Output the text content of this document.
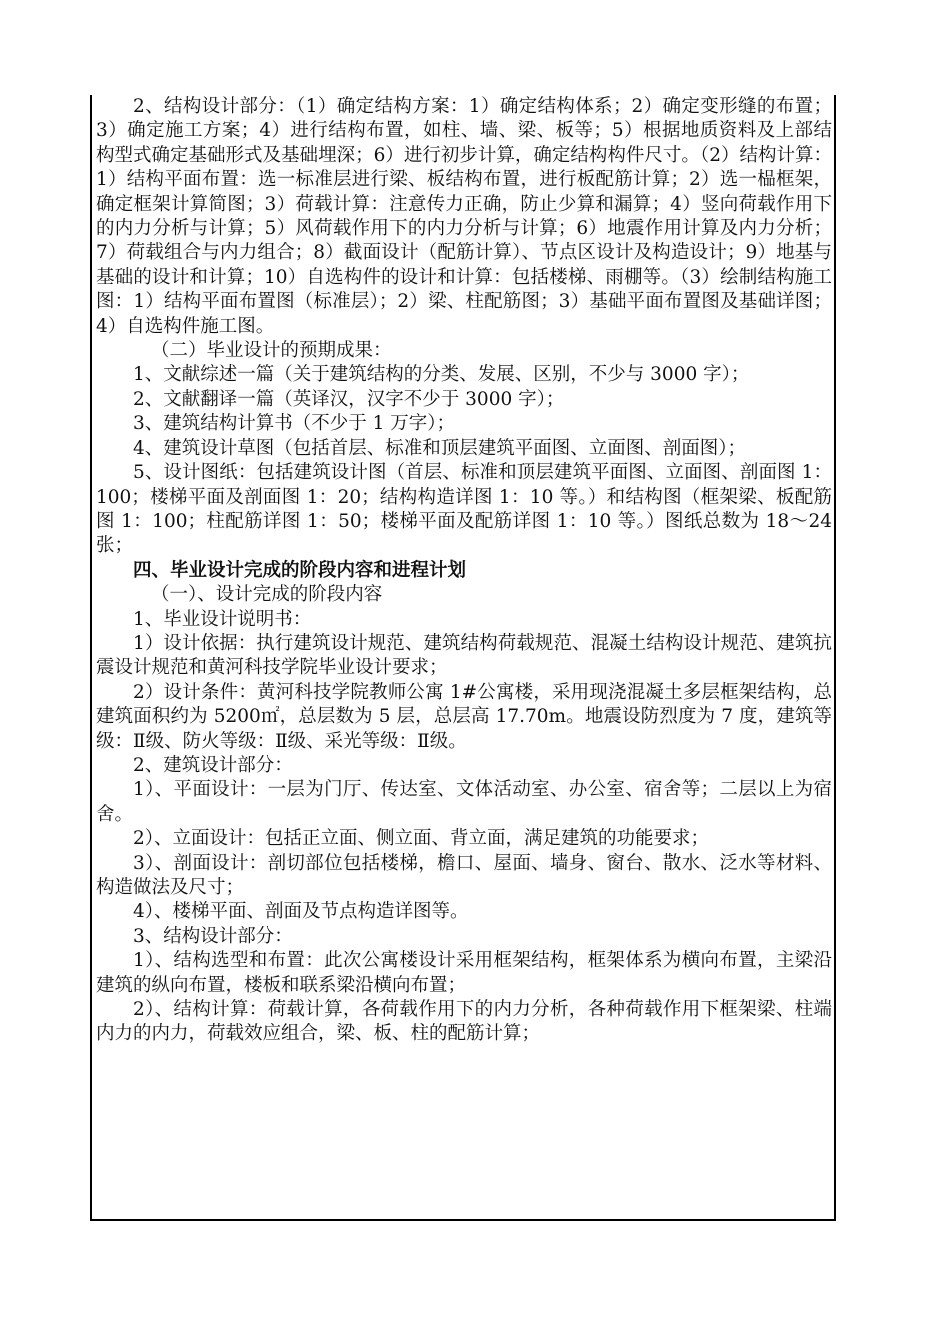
2、结构设计部分：（1）确定结构方案：1）确定结构体系；2）确定变形缝的布置；3）确定施工方案；4）进行结构布置，如柱、墙、梁、板等；5）根据地质资料及上部结构型式确定基础形式及基础埋深；6）进行初步计算，确定结构构件尺寸。（2）结构计算：1）结构平面布置：选一标准层进行梁、板结构布置，进行板配筋计算；2）选一榀框架，确定框架计算简图；3）荷载计算：注意传力正确，防止少算和漏算；4）竖向荷载作用下的内力分析与计算；5）风荷载作用下的内力分析与计算；6）地震作用计算及内力分析；7）荷载组合与内力组合；8）截面设计（配筋计算）、节点区设计及构造设计；9）地基与基础的设计和计算；10）自选构件的设计和计算：包括楼梯、雨棚等。（3）绘制结构施工图：1）结构平面布置图（标准层）；2）梁、柱配筋图；3）基础平面布置图及基础详图；4）自选构件施工图。

（二）毕业设计的预期成果：

1、文献综述一篇（关于建筑结构的分类、发展、区别，不少与 3000 字）；

2、文献翻译一篇（英译汉，汉字不少于 3000 字）；

3、建筑结构计算书（不少于 1 万字）；

4、建筑设计草图（包括首层、标准和顶层建筑平面图、立面图、剖面图）；

5、设计图纸：包括建筑设计图（首层、标准和顶层建筑平面图、立面图、剖面图 1：100；楼梯平面及剖面图 1：20；结构构造详图 1：10 等。）和结构图（框架梁、板配筋图 1：100；柱配筋详图 1：50；楼梯平面及配筋详图 1：10 等。）图纸总数为 18～24 张；

四、毕业设计完成的阶段内容和进程计划

（一）、设计完成的阶段内容

1、毕业设计说明书：

1）设计依据：执行建筑设计规范、建筑结构荷载规范、混凝土结构设计规范、建筑抗震设计规范和黄河科技学院毕业设计要求；

2）设计条件：黄河科技学院教师公寓 1#公寓楼，采用现浇混凝土多层框架结构，总建筑面积约为 5200㎡，总层数为 5 层，总层高 17.70m。地震设防烈度为 7 度，建筑等级：Ⅱ级、防火等级：Ⅱ级、采光等级：Ⅱ级。

2、建筑设计部分：

1）、平面设计：一层为门厅、传达室、文体活动室、办公室、宿舍等；二层以上为宿舍。

2）、立面设计：包括正立面、侧立面、背立面，满足建筑的功能要求；

3）、剖面设计：剖切部位包括楼梯，檐口、屋面、墙身、窗台、散水、泛水等材料、构造做法及尺寸；

4）、楼梯平面、剖面及节点构造详图等。

3、结构设计部分：

1）、结构选型和布置：此次公寓楼设计采用框架结构，框架体系为横向布置，主梁沿建筑的纵向布置，楼板和联系梁沿横向布置；

2）、结构计算：荷载计算，各荷载作用下的内力分析，各种荷载作用下框架梁、柱端内力的内力，荷载效应组合，梁、板、柱的配筋计算；
